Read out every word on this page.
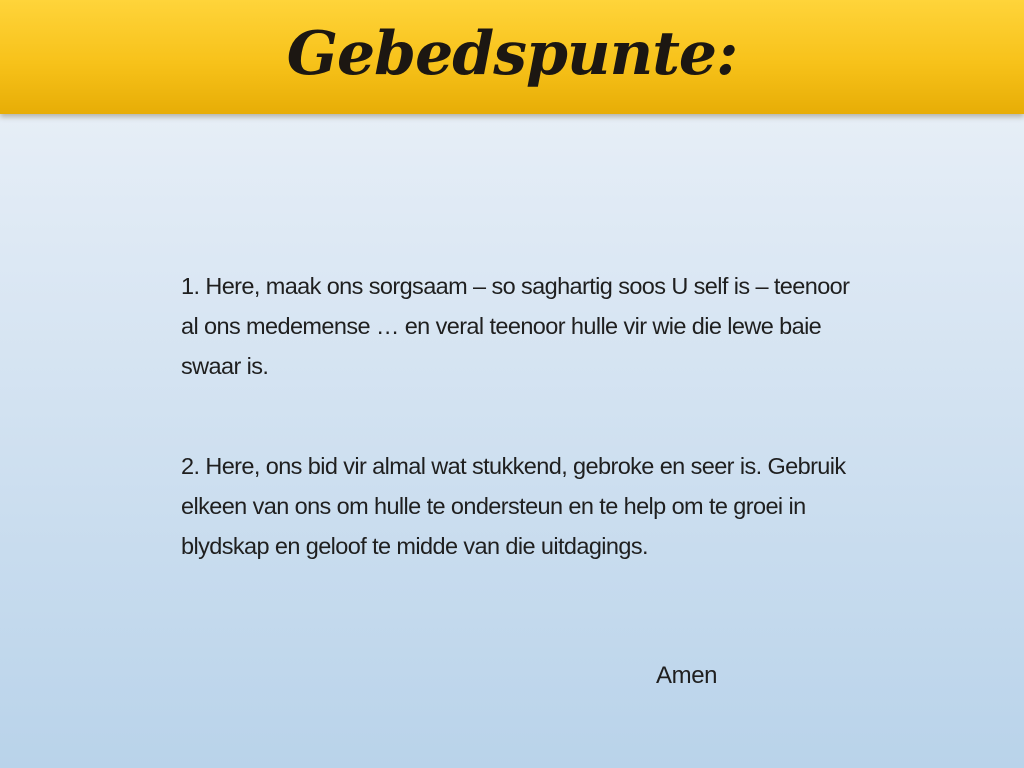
Gebedspunte:

1. Here, maak ons sorgsaam – so saghartig soos U self is – teenoor al ons medemense … en veral teenoor hulle vir wie die lewe baie swaar is.

2. Here, ons bid vir almal wat stukkend, gebroke en seer is. Gebruik elkeen van ons om hulle te ondersteun en te help om te groei in blydskap en geloof te midde van die uitdagings.

Amen
